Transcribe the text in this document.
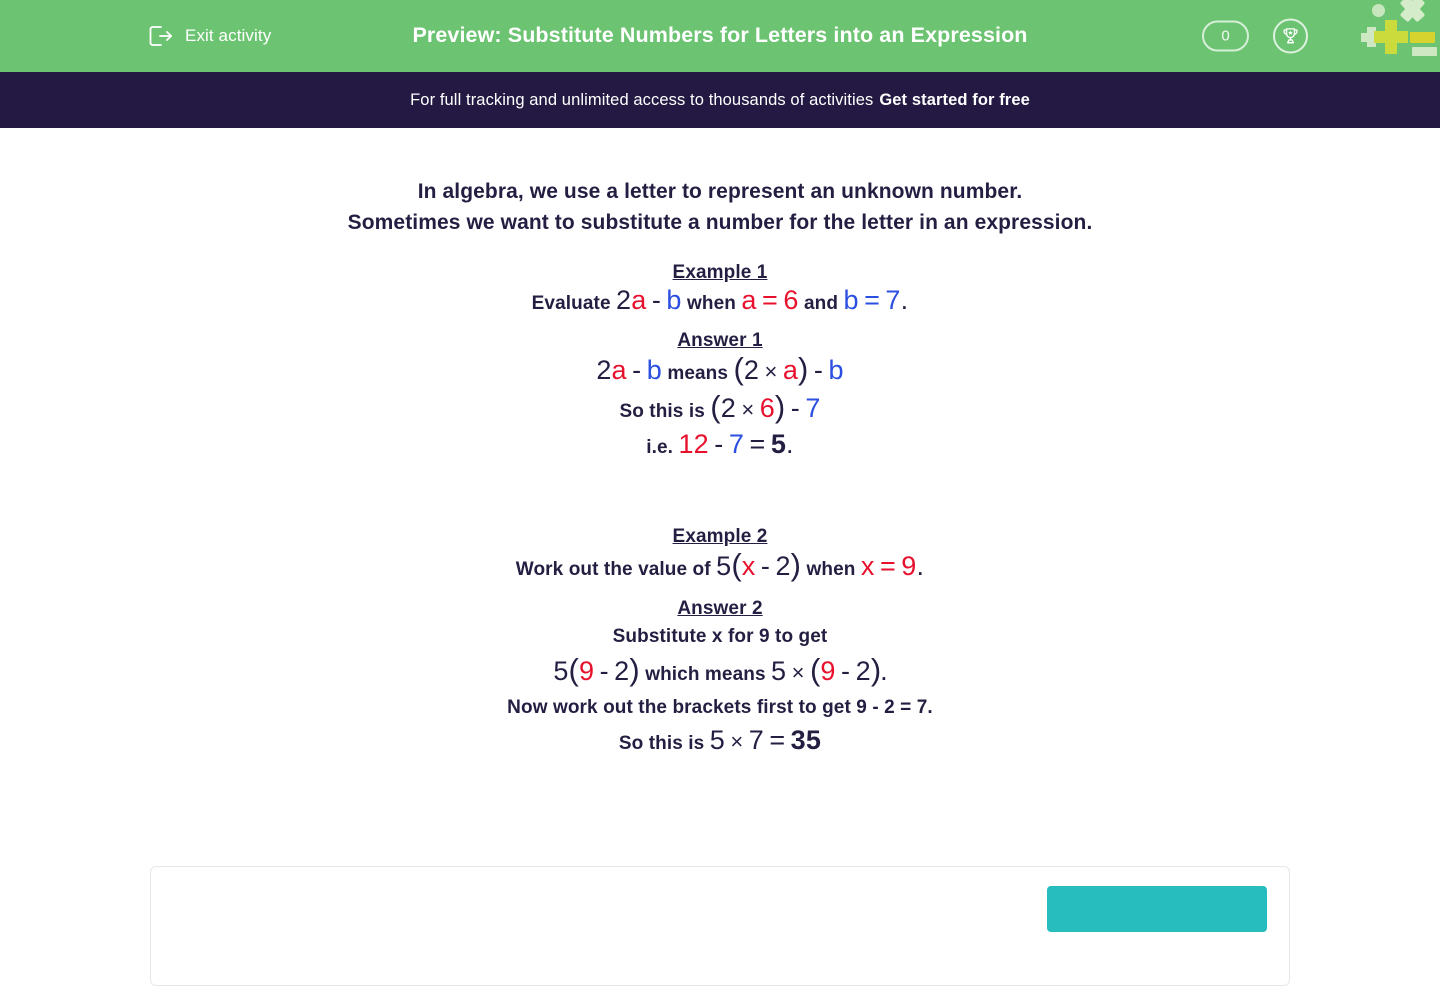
Exit activity	Preview: Substitute Numbers for Letters into an Expression	0
For full tracking and unlimited access to thousands of activities Get started for free
In algebra, we use a letter to represent an unknown number.
Sometimes we want to substitute a number for the letter in an expression.
Example 1
Evaluate 2a - b when a = 6 and b = 7.
Answer 1
2a - b means (2 × a) - b
So this is (2 × 6) - 7
i.e. 12 - 7 = 5.
Example 2
Work out the value of 5(x - 2) when x = 9.
Answer 2
Substitute x for 9 to get
5(9 - 2) which means 5 × (9 - 2).
Now work out the brackets first to get 9 - 2 = 7.
So this is 5 × 7 = 35
